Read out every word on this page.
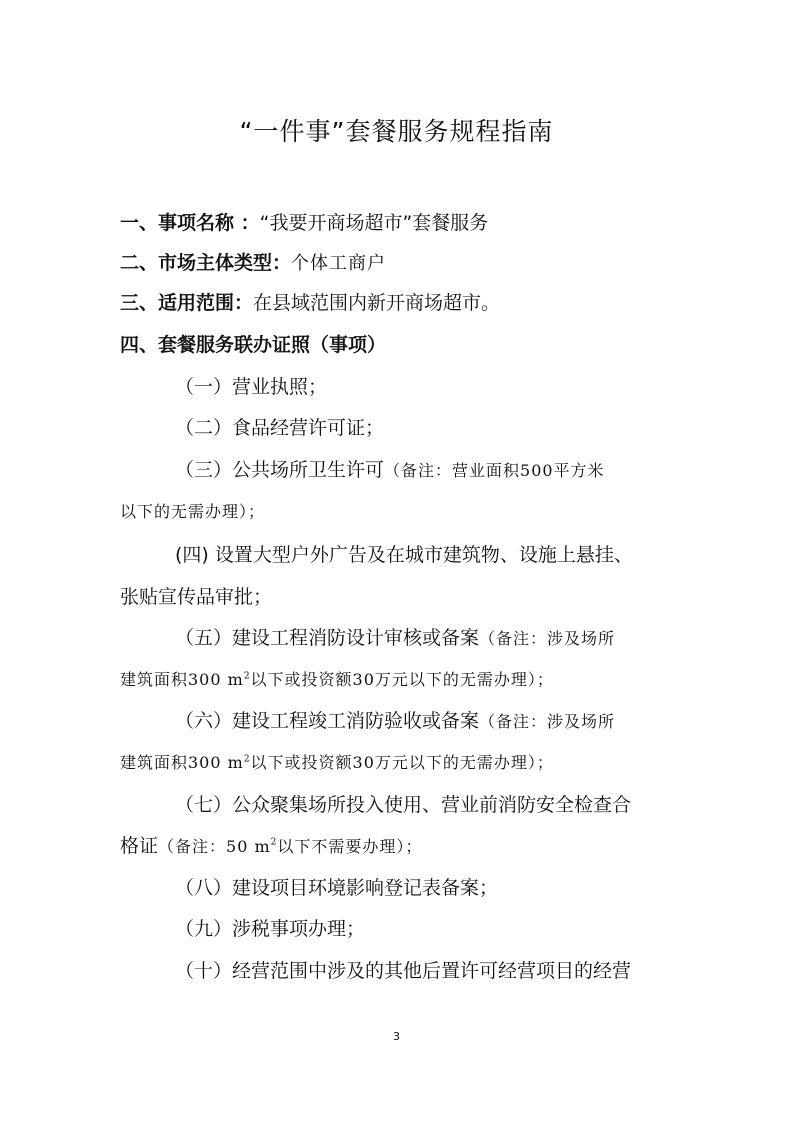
“一件事”套餐服务规程指南

一、事项名称 ：“我要开商场超市”套餐服务

二、市场主体类型：个体工商户

三、适用范围：在县域范围内新开商场超市。

四、套餐服务联办证照（事项）

（一）营业执照；

（二）食品经营许可证；

（三）公共场所卫生许可（备注：营业面积500平方米

以下的无需办理）；

(四) 设置大型户外广告及在城市建筑物、设施上悬挂、

张贴宣传品审批；

（五）建设工程消防设计审核或备案（备注：涉及场所

建筑面积300 $m^2$以下或投资额30万元以下的无需办理）；

（六）建设工程竣工消防验收或备案（备注：涉及场所

建筑面积300 $m^2$以下或投资额30万元以下的无需办理）；

（七）公众聚集场所投入使用、营业前消防安全检查合

格证（备注：50 m$^2$以下不需要办理）；

（八）建设项目环境影响登记表备案；

（九）涉税事项办理；

（十）经营范围中涉及的其他后置许可经营项目的经营

3
